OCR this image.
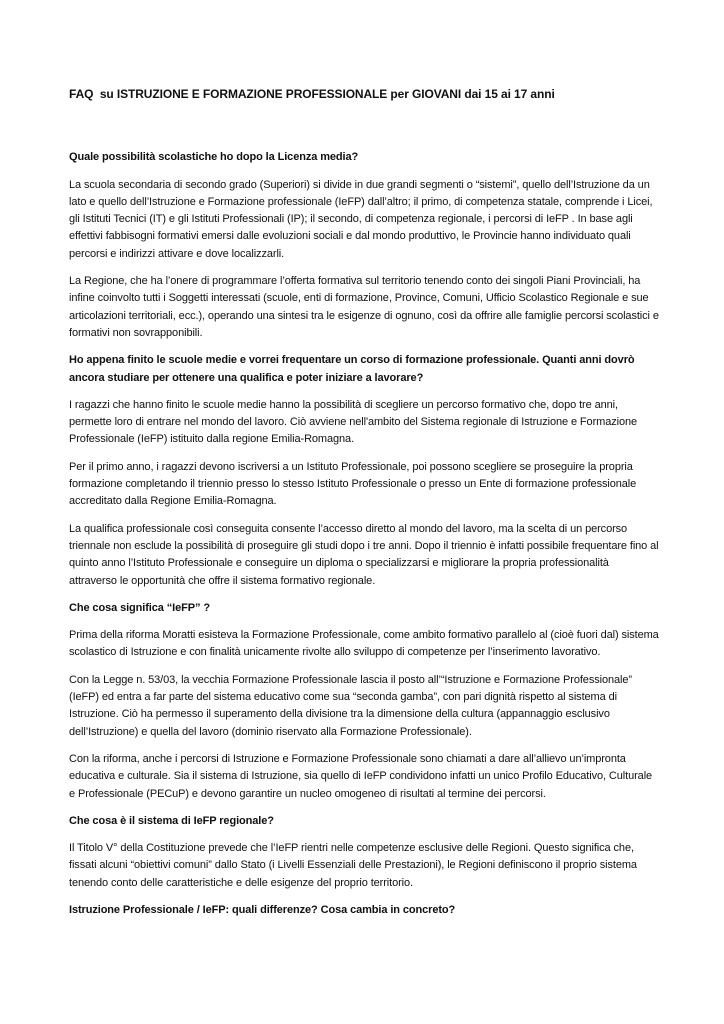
FAQ  su ISTRUZIONE E FORMAZIONE PROFESSIONALE per GIOVANI dai 15 ai 17 anni
Quale possibilità scolastiche ho dopo la Licenza media?
La scuola secondaria di secondo grado (Superiori) si divide in due grandi segmenti o “sistemi”, quello dell’Istruzione da un lato e quello dell’Istruzione e Formazione professionale (IeFP) dall’altro; il primo, di competenza statale, comprende i Licei, gli Istituti Tecnici (IT) e gli Istituti Professionali (IP); il secondo, di competenza regionale, i percorsi di IeFP . In base agli effettivi fabbisogni formativi emersi dalle evoluzioni sociali e dal mondo produttivo, le Provincie hanno individuato quali percorsi e indirizzi attivare e dove localizzarli.
La Regione, che ha l’onere di programmare l’offerta formativa sul territorio tenendo conto dei singoli Piani Provinciali, ha infine coinvolto tutti i Soggetti interessati (scuole, enti di formazione, Province, Comuni, Ufficio Scolastico Regionale e sue articolazioni territoriali, ecc.), operando una sintesi tra le esigenze di ognuno, così da offrire alle famiglie percorsi scolastici e formativi non sovrapponibili.
Ho appena finito le scuole medie e vorrei frequentare un corso di formazione professionale. Quanti anni dovrò ancora studiare per ottenere una qualifica e poter iniziare a lavorare?
I ragazzi che hanno finito le scuole medie hanno la possibilità di scegliere un percorso formativo che, dopo tre anni, permette loro di entrare nel mondo del lavoro. Ciò avviene nell'ambito del Sistema regionale di Istruzione e Formazione Professionale (IeFP) istituito dalla regione Emilia-Romagna.
Per il primo anno, i ragazzi devono iscriversi a un Istituto Professionale, poi possono scegliere se proseguire la propria formazione completando il triennio presso lo stesso Istituto Professionale o presso un Ente di formazione professionale accreditato dalla Regione Emilia-Romagna.
La qualifica professionale così conseguita consente l’accesso diretto al mondo del lavoro, ma la scelta di un percorso triennale non esclude la possibilità di proseguire gli studi dopo i tre anni. Dopo il triennio è infatti possibile frequentare fino al quinto anno l’Istituto Professionale e conseguire un diploma o specializzarsi e migliorare la propria professionalità attraverso le opportunità che offre il sistema formativo regionale.
Che cosa significa “IeFP” ?
Prima della riforma Moratti esisteva la Formazione Professionale, come ambito formativo parallelo al (cioè fuori dal) sistema scolastico di Istruzione e con finalità unicamente rivolte allo sviluppo di competenze per l’inserimento lavorativo.
Con la Legge n. 53/03, la vecchia Formazione Professionale lascia il posto all’“Istruzione e Formazione Professionale” (IeFP) ed entra a far parte del sistema educativo come sua “seconda gamba”, con pari dignità rispetto al sistema di Istruzione. Ciò ha permesso il superamento della divisione tra la dimensione della cultura (appannaggio esclusivo dell’Istruzione) e quella del lavoro (dominio riservato alla Formazione Professionale).
Con la riforma, anche i percorsi di Istruzione e Formazione Professionale sono chiamati a dare all’allievo un’impronta educativa e culturale. Sia il sistema di Istruzione, sia quello di IeFP condividono infatti un unico Profilo Educativo, Culturale e Professionale (PECuP) e devono garantire un nucleo omogeneo di risultati al termine dei percorsi.
Che cosa è il sistema di IeFP regionale?
Il Titolo V° della Costituzione prevede che l’IeFP rientri nelle competenze esclusive delle Regioni. Questo significa che, fissati alcuni “obiettivi comuni” dallo Stato (i Livelli Essenziali delle Prestazioni), le Regioni definiscono il proprio sistema tenendo conto delle caratteristiche e delle esigenze del proprio territorio.
Istruzione Professionale / IeFP: quali differenze? Cosa cambia in concreto?
